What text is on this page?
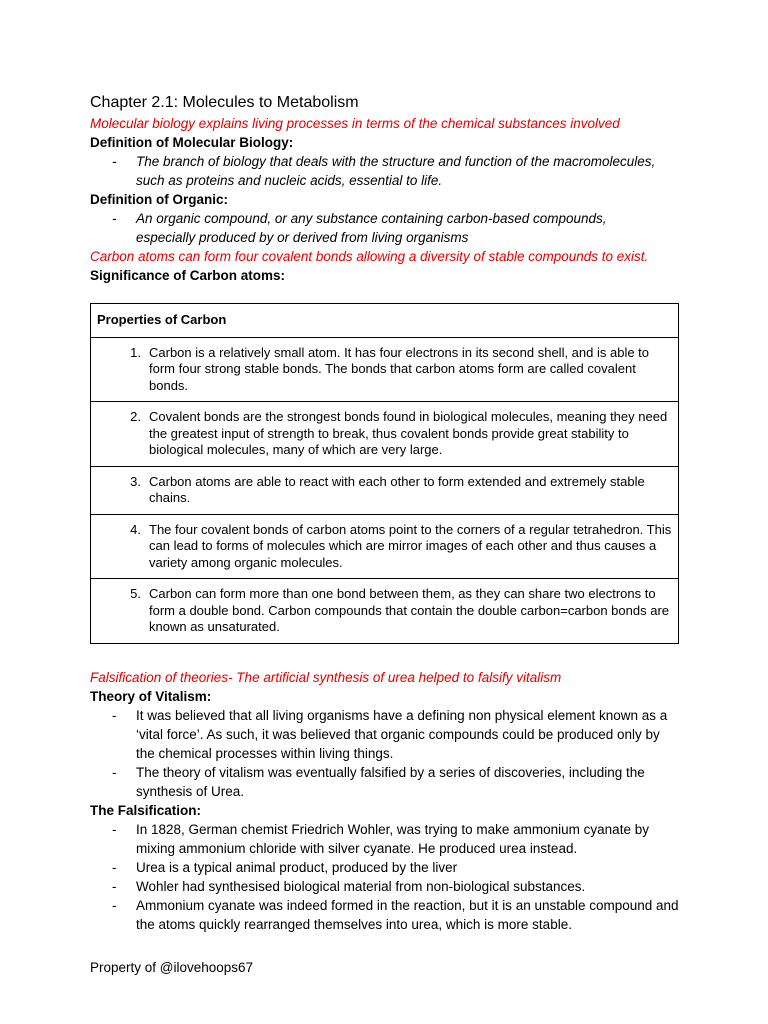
Chapter 2.1: Molecules to Metabolism
Molecular biology explains living processes in terms of the chemical substances involved
Definition of Molecular Biology:
- The branch of biology that deals with the structure and function of the macromolecules,
such as proteins and nucleic acids, essential to life.
Definition of Organic:
- An organic compound, or any substance containing carbon-based compounds,
especially produced by or derived from living organisms
Carbon atoms can form four covalent bonds allowing a diversity of stable compounds to exist.
Significance of Carbon atoms:
Properties of Carbon

1. Carbon is a relatively small atom. It has four electrons in its second shell, and is able to form four strong stable bonds. The bonds that carbon atoms form are called covalent bonds.

2. Covalent bonds are the strongest bonds found in biological molecules, meaning they need the greatest input of strength to break, thus covalent bonds provide great stability to biological molecules, many of which are very large.

3. Carbon atoms are able to react with each other to form extended and extremely stable chains.

4. The four covalent bonds of carbon atoms point to the corners of a regular tetrahedron. This can lead to forms of molecules which are mirror images of each other and thus causes a variety among organic molecules.

5. Carbon can form more than one bond between them, as they can share two electrons to form a double bond. Carbon compounds that contain the double carbon=carbon bonds are known as unsaturated.
Falsification of theories- The artificial synthesis of urea helped to falsify vitalism
Theory of Vitalism:
- It was believed that all living organisms have a defining non physical element known as a ‘vital force’. As such, it was believed that organic compounds could be produced only by the chemical processes within living things.
- The theory of vitalism was eventually falsified by a series of discoveries, including the synthesis of Urea.
The Falsification:
- In 1828, German chemist Friedrich Wohler, was trying to make ammonium cyanate by mixing ammonium chloride with silver cyanate. He produced urea instead.
- Urea is a typical animal product, produced by the liver
- Wohler had synthesised biological material from non-biological substances.
- Ammonium cyanate was indeed formed in the reaction, but it is an unstable compound and the atoms quickly rearranged themselves into urea, which is more stable.
Property of @ilovehoops67
